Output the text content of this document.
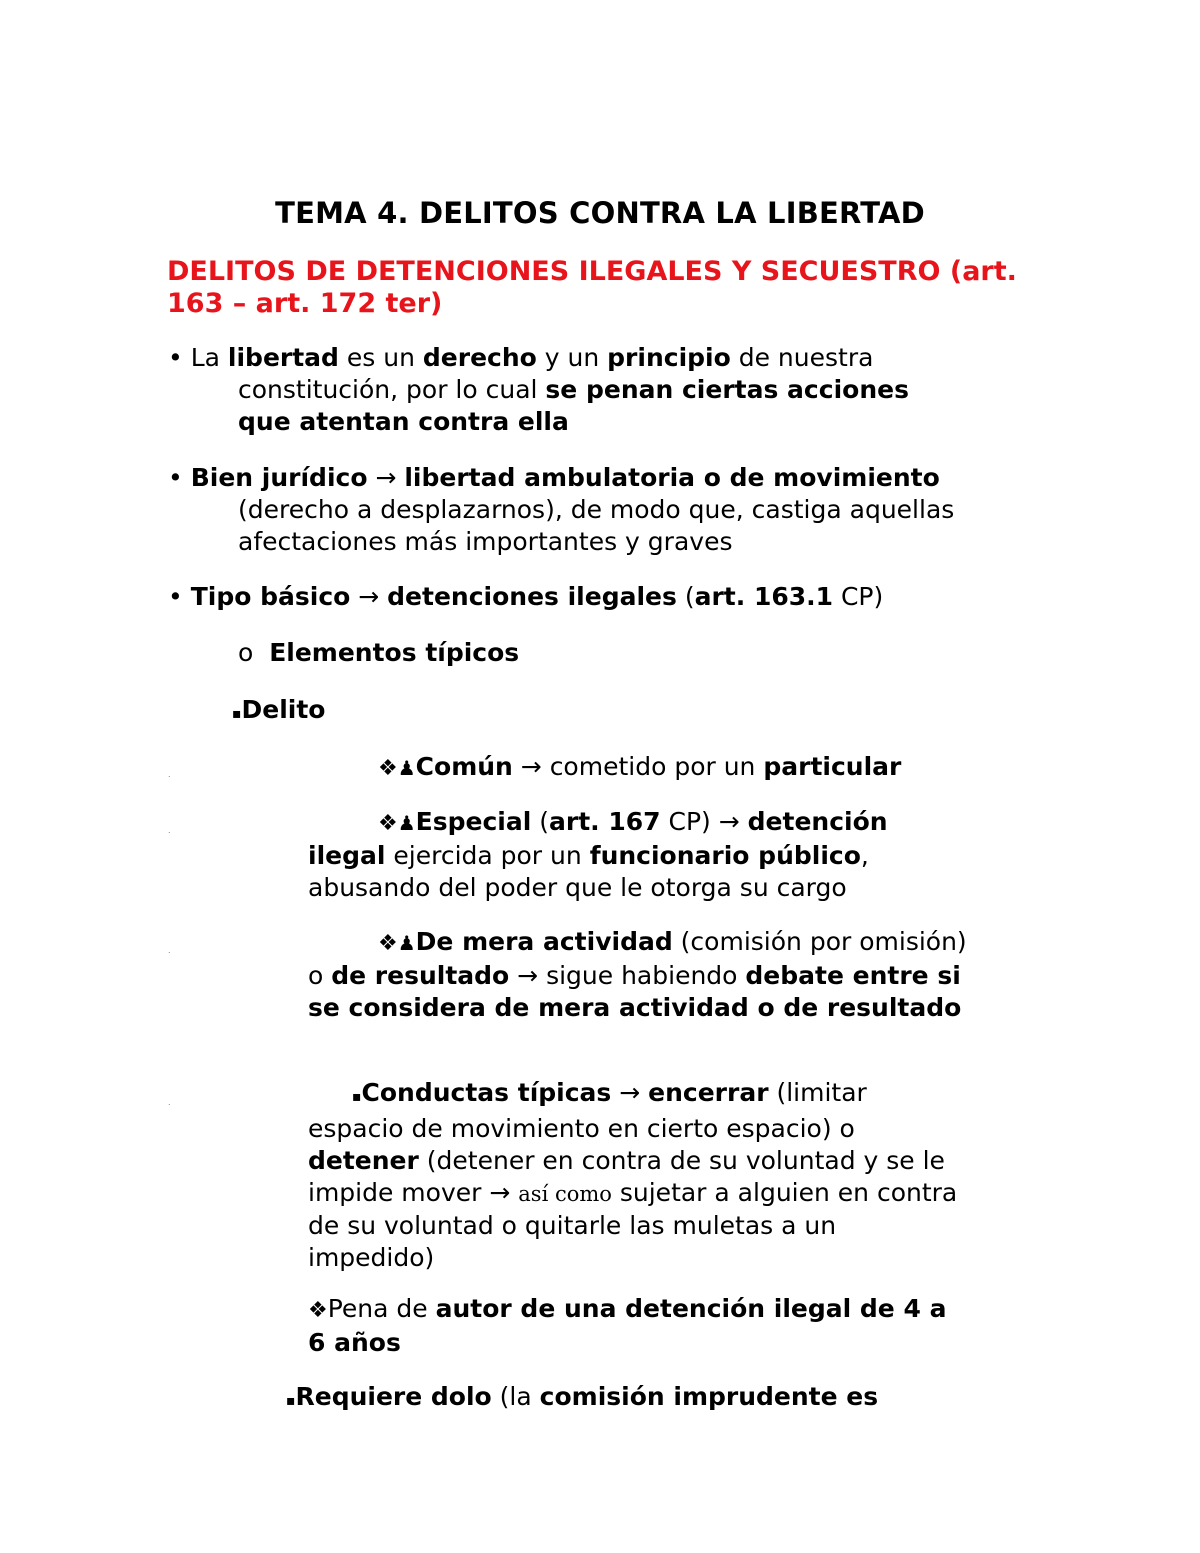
TEMA 4. DELITOS CONTRA LA LIBERTAD
DELITOS DE DETENCIONES ILEGALES Y SECUESTRO (art.
163 – art. 172 ter)
• La libertad es un derecho y un principio de nuestra
constitución, por lo cual se penan ciertas acciones
que atentan contra ella
• Bien jurídico → libertad ambulatoria o de movimiento
(derecho a desplazarnos), de modo que, castiga aquellas
afectaciones más importantes y graves
• Tipo básico → detenciones ilegales (art. 163.1 CP)
o Elementos típicos
▪Delito
.
.
.
.
❖♟Común → cometido por un particular
❖♟Especial (art. 167 CP) → detención
ilegal ejercida por un funcionario público,
abusando del poder que le otorga su cargo
❖♟De mera actividad (comisión por omisión)
o de resultado → sigue habiendo debate entre si
se considera de mera actividad o de resultado
▪Conductas típicas → encerrar (limitar
espacio de movimiento en cierto espacio) o
detener (detener en contra de su voluntad y se le
impide mover → así como sujetar a alguien en contra
de su voluntad o quitarle las muletas a un
impedido)
❖Pena de autor de una detención ilegal de 4 a
6 años
▪Requiere dolo (la comisión imprudente es
